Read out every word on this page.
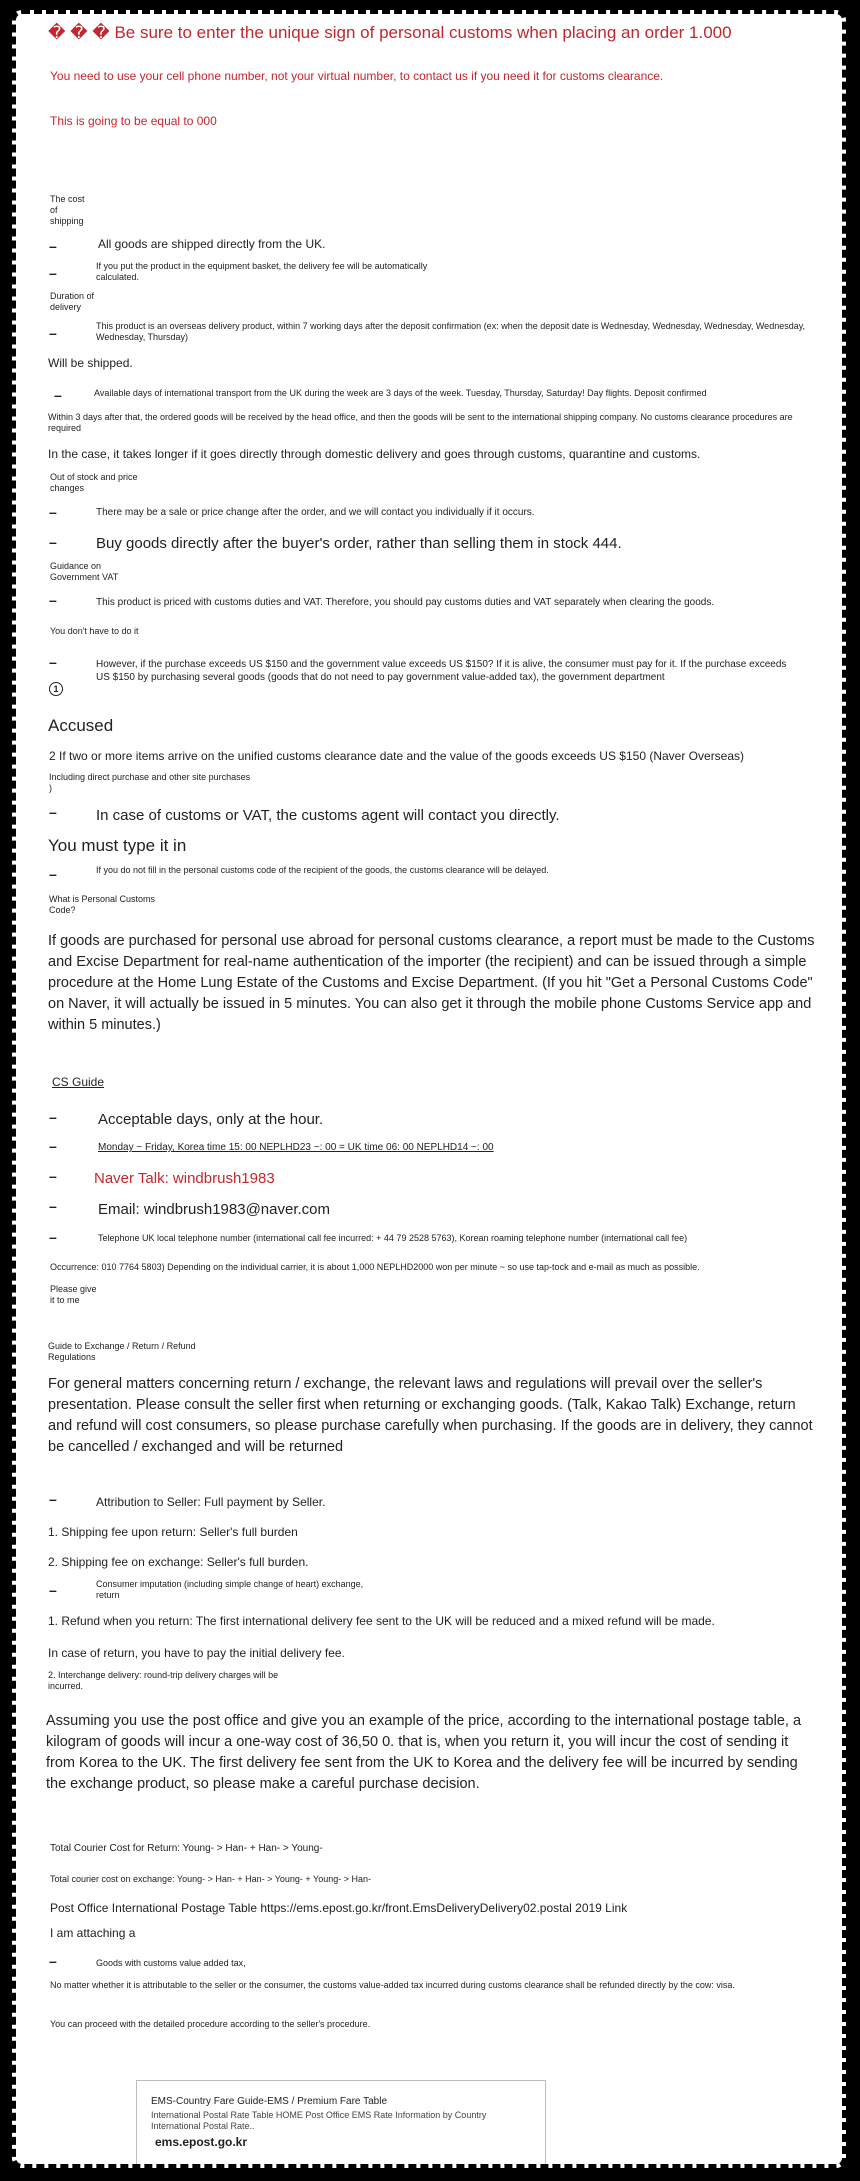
� � � Be sure to enter the unique sign of personal customs when placing an order 1.000
You need to use your cell phone number, not your virtual number, to contact us if you need it for customs clearance.
This is going to be equal to 000
The cost
of
shipping
–	All goods are shipped directly from the UK.
–	If you put the product in the equipment basket, the delivery fee will be automatically calculated.
Duration of
delivery
–	This product is an overseas delivery product, within 7 working days after the deposit confirmation (ex: when the deposit date is Wednesday, Wednesday, Wednesday, Wednesday, Wednesday, Thursday)
Will be shipped.
–	Available days of international transport from the UK during the week are 3 days of the week. Tuesday, Thursday, Saturday! Day flights. Deposit confirmed
Within 3 days after that, the ordered goods will be received by the head office, and then the goods will be sent to the international shipping company. No customs clearance procedures are required
In the case, it takes longer if it goes directly through domestic delivery and goes through customs, quarantine and customs.
Out of stock and price
changes
–	There may be a sale or price change after the order, and we will contact you individually if it occurs.
–	Buy goods directly after the buyer's order, rather than selling them in stock 444.
Guidance on
Government VAT
–	This product is priced with customs duties and VAT. Therefore, you should pay customs duties and VAT separately when clearing the goods.
You don't have to do it
–
1
However, if the purchase exceeds US $150 and the government value exceeds US $150? If it is alive, the consumer must pay for it. If the purchase exceeds US $150 by purchasing several goods (goods that do not need to pay government value-added tax), the government department
Accused
2 If two or more items arrive on the unified customs clearance date and the value of the goods exceeds US $150 (Naver Overseas)
Including direct purchase and other site purchases
)
–	In case of customs or VAT, the customs agent will contact you directly.
You must type it in
–	If you do not fill in the personal customs code of the recipient of the goods, the customs clearance will be delayed.
What is Personal Customs
Code?
If goods are purchased for personal use abroad for personal customs clearance, a report must be made to the Customs and Excise Department for real-name authentication of the importer (the recipient) and can be issued through a simple procedure at the Home Lung Estate of the Customs and Excise Department. (If you hit "Get a Personal Customs Code" on Naver, it will actually be issued in 5 minutes. You can also get it through the mobile phone Customs Service app and within 5 minutes.)
CS Guide
–	Acceptable days, only at the hour.
–	Monday ~ Friday, Korea time 15: 00 NEPLHD23 ~: 00 = UK time 06: 00 NEPLHD14 ~: 00
– Naver Talk: windbrush1983
–	Email: windbrush1983@naver.com
–	Telephone UK local telephone number (international call fee incurred: + 44 79 2528 5763), Korean roaming telephone number (international call fee)
Occurrence: 010 7764 5803) Depending on the individual carrier, it is about 1,000 NEPLHD2000 won per minute ~ so use tap-tock and e-mail as much as possible.
Please give
it to me
Guide to Exchange / Return / Refund
Regulations
For general matters concerning return / exchange, the relevant laws and regulations will prevail over the seller's presentation. Please consult the seller first when returning or exchanging goods. (Talk, Kakao Talk) Exchange, return and refund will cost consumers, so please purchase carefully when purchasing. If the goods are in delivery, they cannot be cancelled / exchanged and will be returned
–	Attribution to Seller: Full payment by Seller.
1. Shipping fee upon return: Seller's full burden
2. Shipping fee on exchange: Seller's full burden.
–	Consumer imputation (including simple change of heart) exchange,
return
1. Refund when you return: The first international delivery fee sent to the UK will be reduced and a mixed refund will be made.
In case of return, you have to pay the initial delivery fee.
2. Interchange delivery: round-trip delivery charges will be
incurred.
Assuming you use the post office and give you an example of the price, according to the international postage table, a kilogram of goods will incur a one-way cost of 36,50 0. that is, when you return it, you will incur the cost of sending it from Korea to the UK. The first delivery fee sent from the UK to Korea and the delivery fee will be incurred by sending the exchange product, so please make a careful purchase decision.
Total Courier Cost for Return: Young- > Han- + Han- > Young-
Total courier cost on exchange: Young- > Han- + Han- > Young- + Young- > Han-
Post Office International Postage Table https://ems.epost.go.kr/front.EmsDeliveryDelivery02.postal 2019 Link
I am attaching a
–	Goods with customs value added tax,
No matter whether it is attributable to the seller or the consumer, the customs value-added tax incurred during customs clearance shall be refunded directly by the cow: visa.
You can proceed with the detailed procedure according to the seller's procedure.
EMS-Country Fare Guide-EMS / Premium Fare Table
International Postal Rate Table HOME Post Office EMS Rate Information by Country International Postal Rate..
ems.epost.go.kr
